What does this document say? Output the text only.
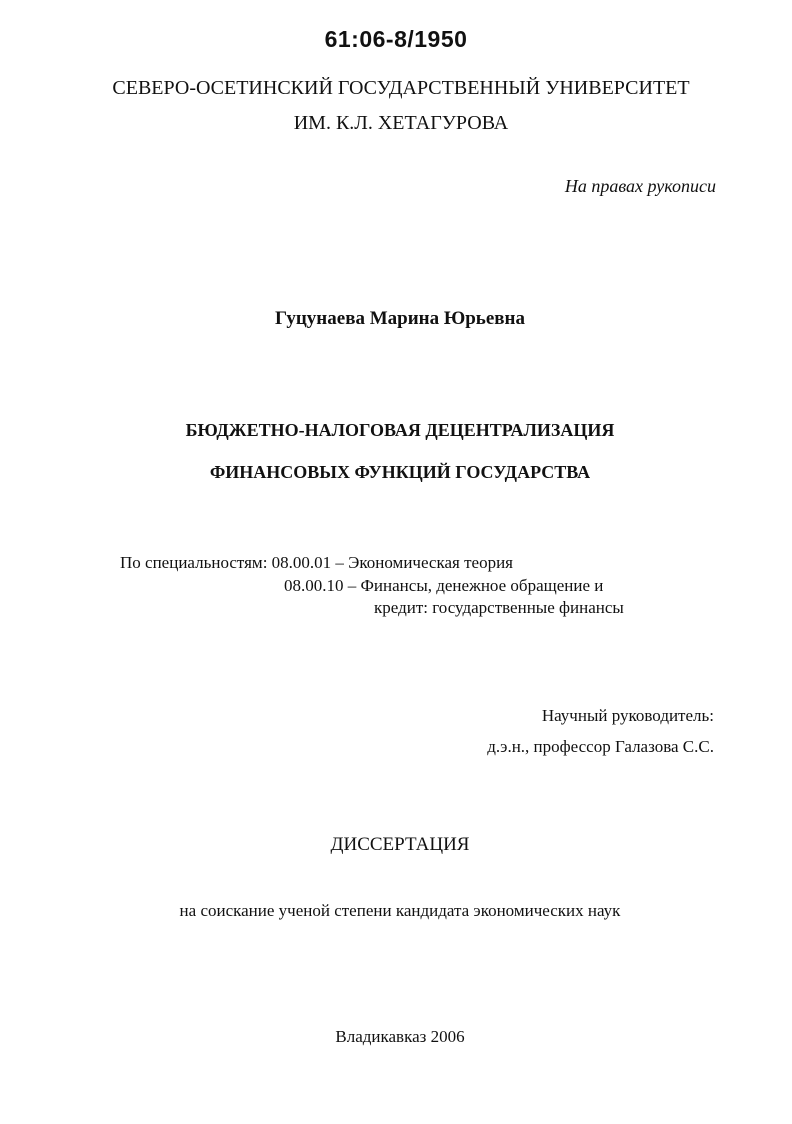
61:06-8/1950
СЕВЕРО-ОСЕТИНСКИЙ ГОСУДАРСТВЕННЫЙ УНИВЕРСИТЕТ
ИМ. К.Л. ХЕТАГУРОВА
На правах рукописи
Гуцунаева Марина Юрьевна
БЮДЖЕТНО-НАЛОГОВАЯ ДЕЦЕНТРАЛИЗАЦИЯ
ФИНАНСОВЫХ ФУНКЦИЙ ГОСУДАРСТВА
По специальностям: 08.00.01 – Экономическая теория
08.00.10 – Финансы, денежное обращение и
кредит: государственные финансы
Научный руководитель:
д.э.н., профессор Галазова С.С.
ДИССЕРТАЦИЯ
на соискание ученой степени кандидата экономических наук
Владикавказ 2006
